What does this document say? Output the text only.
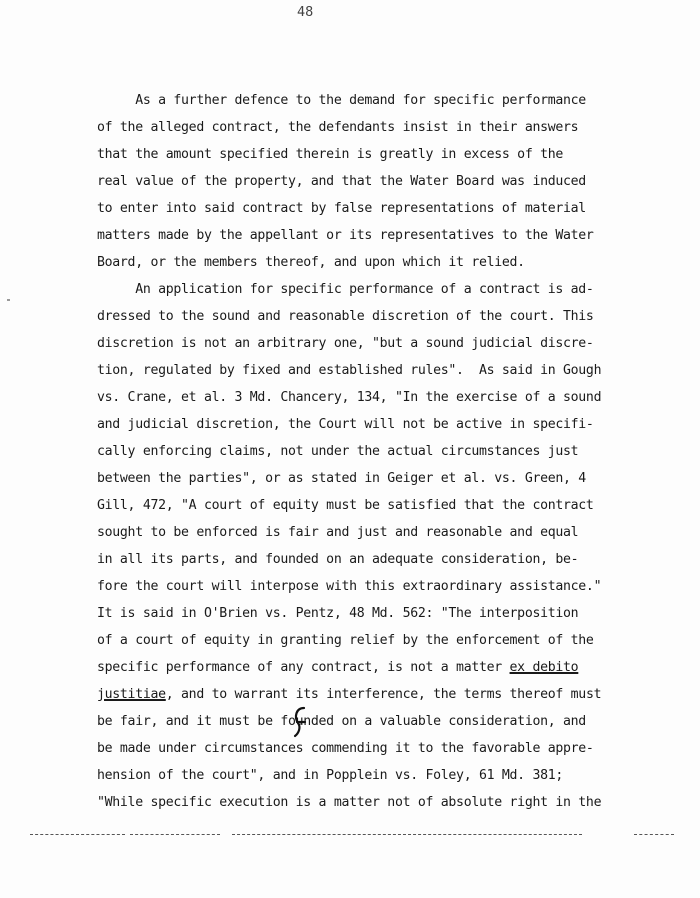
48
As a further defence to the demand for specific performance
of the alleged contract, the defendants insist in their answers
that the amount specified therein is greatly in excess of the
real value of the property, and that the Water Board was induced
to enter into said contract by false representations of material
matters made by the appellant or its representatives to the Water
Board, or the members thereof, and upon which it relied.
An application for specific performance of a contract is ad-
dressed to the sound and reasonable discretion of the court. This
discretion is not an arbitrary one, "but a sound judicial discre-
tion, regulated by fixed and established rules".  As said in Gough
vs. Crane, et al. 3 Md. Chancery, 134, "In the exercise of a sound
and judicial discretion, the Court will not be active in specifi-
cally enforcing claims, not under the actual circumstances just
between the parties", or as stated in Geiger et al. vs. Green, 4
Gill, 472, "A court of equity must be satisfied that the contract
sought to be enforced is fair and just and reasonable and equal
in all its parts, and founded on an adequate consideration, be-
fore the court will interpose with this extraordinary assistance."
It is said in O'Brien vs. Pentz, 48 Md. 562: "The interposition
of a court of equity in granting relief by the enforcement of the
specific performance of any contract, is not a matter ex debito
justitiae, and to warrant its interference, the terms thereof must
be fair, and it must be founded on a valuable consideration, and
be made under circumstances commending it to the favorable appre-
hension of the court", and in Popplein vs. Foley, 61 Md. 381;
"While specific execution is a matter not of absolute right in the
